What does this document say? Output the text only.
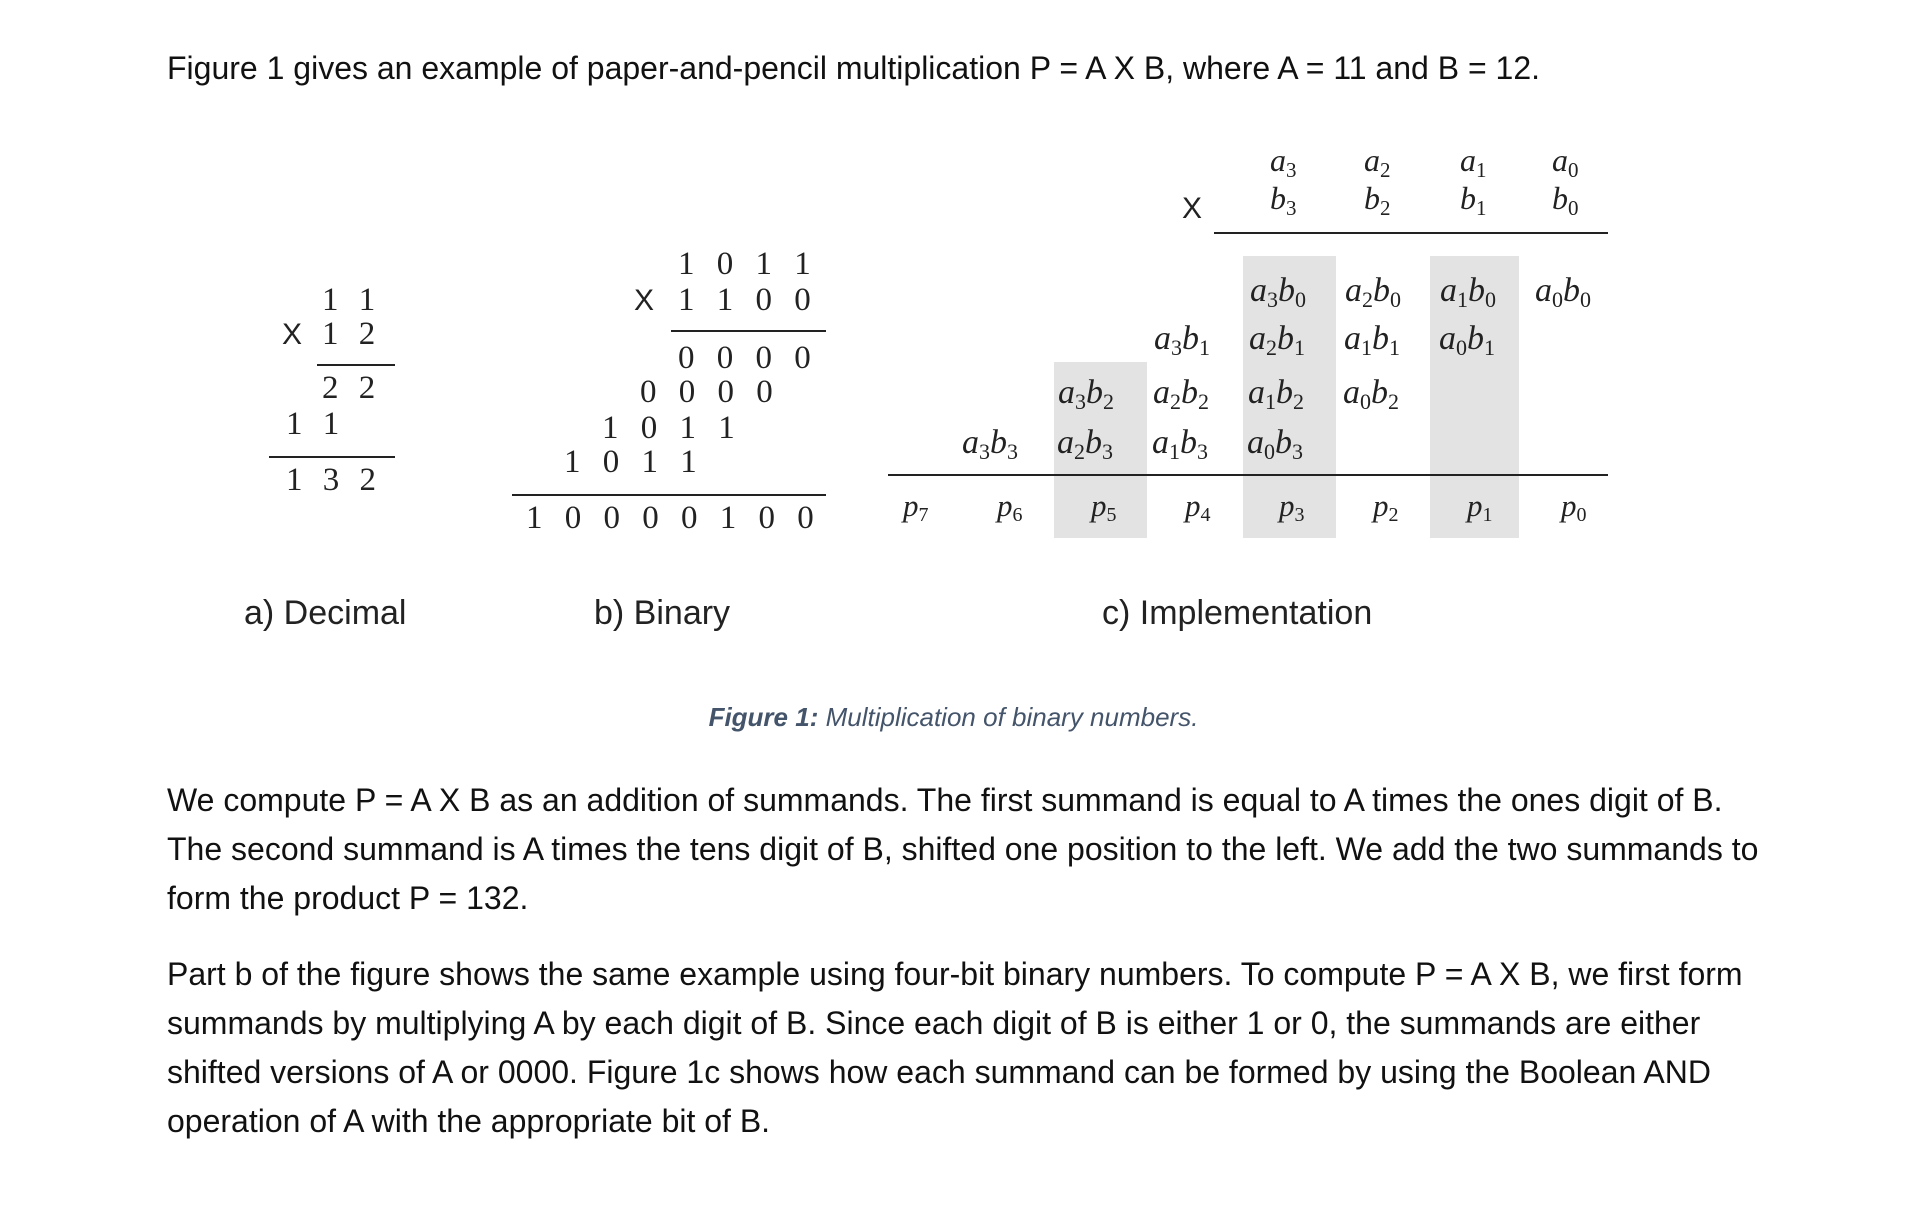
Figure 1 gives an example of paper-and-pencil multiplication P = A X B, where A = 11 and B = 12.

1 1
X 1 2
2 2
1 1
1 3 2
a) Decimal
1 0 1 1
X 1 1 0 0
0 0 0 0
0 0 0 0
1 0 1 1
1 0 1 1
1 0 0 0 0 1 0 0
b) Binary
X
$a_3$ $a_2$ $a_1$ $a_0$
$b_3$ $b_2$ $b_1$ $b_0$
$a_3b_0$ $a_2b_0$ $a_1b_0$ $a_0b_0$
$a_3b_1$ $a_2b_1$ $a_1b_1$ $a_0b_1$
$a_3b_2$ $a_2b_2$ $a_1b_2$ $a_0b_2$
$a_3b_3$ $a_2b_3$ $a_1b_3$ $a_0b_3$
$p_7$ $p_6$ $p_5$ $p_4$ $p_3$ $p_2$ $p_1$ $p_0$
c) Implementation
Figure 1: Multiplication of binary numbers.

We compute P = A X B as an addition of summands. The first summand is equal to A times the ones digit of B. The second summand is A times the tens digit of B, shifted one position to the left. We add the two summands to form the product P = 132.

Part b of the figure shows the same example using four-bit binary numbers. To compute P = A X B, we first form summands by multiplying A by each digit of B. Since each digit of B is either 1 or 0, the summands are either shifted versions of A or 0000. Figure 1c shows how each summand can be formed by using the Boolean AND operation of A with the appropriate bit of B.
